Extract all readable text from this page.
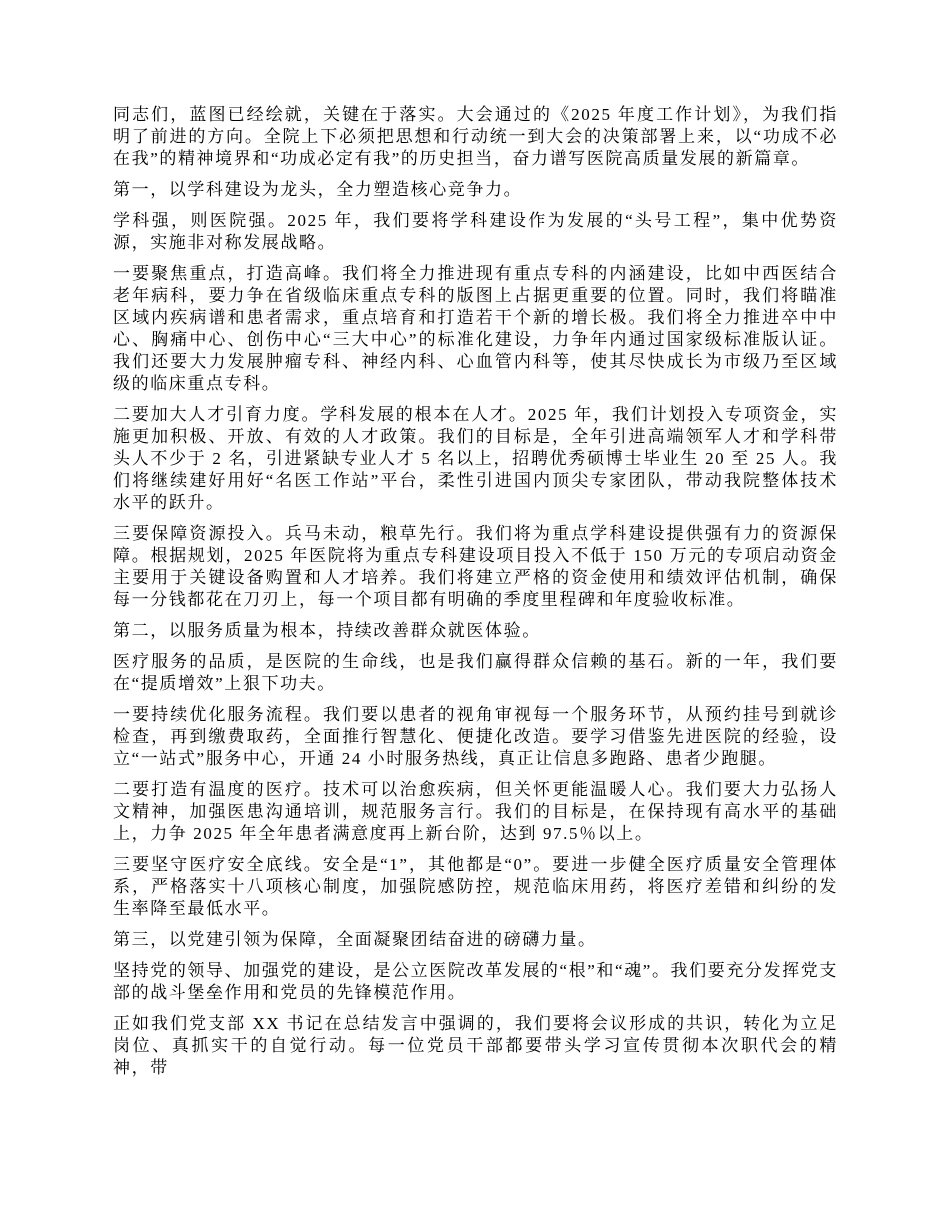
同志们，蓝图已经绘就，关键在于落实。大会通过的《2025 年度工作计划》，为我们指明了前进的方向。全院上下必须把思想和行动统一到大会的决策部署上来，以“功成不必在我”的精神境界和“功成必定有我”的历史担当，奋力谱写医院高质量发展的新篇章。

第一，以学科建设为龙头，全力塑造核心竞争力。

学科强，则医院强。2025 年，我们要将学科建设作为发展的“头号工程”，集中优势资源，实施非对称发展战略。

一要聚焦重点，打造高峰。我们将全力推进现有重点专科的内涵建设，比如中西医结合老年病科，要力争在省级临床重点专科的版图上占据更重要的位置。同时，我们将瞄准区域内疾病谱和患者需求，重点培育和打造若干个新的增长极。我们将全力推进卒中中心、胸痛中心、创伤中心“三大中心”的标准化建设，力争年内通过国家级标准版认证。我们还要大力发展肿瘤专科、神经内科、心血管内科等，使其尽快成长为市级乃至区域级的临床重点专科。

二要加大人才引育力度。学科发展的根本在人才。2025 年，我们计划投入专项资金，实施更加积极、开放、有效的人才政策。我们的目标是，全年引进高端领军人才和学科带头人不少于 2 名，引进紧缺专业人才 5 名以上，招聘优秀硕博士毕业生 20 至 25 人。我们将继续建好用好“名医工作站”平台，柔性引进国内顶尖专家团队，带动我院整体技术水平的跃升。

三要保障资源投入。兵马未动，粮草先行。我们将为重点学科建设提供强有力的资源保障。根据规划，2025 年医院将为重点专科建设项目投入不低于 150 万元的专项启动资金主要用于关键设备购置和人才培养。我们将建立严格的资金使用和绩效评估机制，确保每一分钱都花在刀刃上，每一个项目都有明确的季度里程碑和年度验收标准。

第二，以服务质量为根本，持续改善群众就医体验。

医疗服务的品质，是医院的生命线，也是我们赢得群众信赖的基石。新的一年，我们要在“提质增效”上狠下功夫。

一要持续优化服务流程。我们要以患者的视角审视每一个服务环节，从预约挂号到就诊检查，再到缴费取药，全面推行智慧化、便捷化改造。要学习借鉴先进医院的经验，设立“一站式”服务中心，开通 24 小时服务热线，真正让信息多跑路、患者少跑腿。

二要打造有温度的医疗。技术可以治愈疾病，但关怀更能温暖人心。我们要大力弘扬人文精神，加强医患沟通培训，规范服务言行。我们的目标是，在保持现有高水平的基础上，力争 2025 年全年患者满意度再上新台阶，达到 97.5％以上。

三要坚守医疗安全底线。安全是“1”，其他都是“0”。要进一步健全医疗质量安全管理体系，严格落实十八项核心制度，加强院感防控，规范临床用药，将医疗差错和纠纷的发生率降至最低水平。

第三，以党建引领为保障，全面凝聚团结奋进的磅礴力量。

坚持党的领导、加强党的建设，是公立医院改革发展的“根”和“魂”。我们要充分发挥党支部的战斗堡垒作用和党员的先锋模范作用。

正如我们党支部 XX 书记在总结发言中强调的，我们要将会议形成的共识，转化为立足岗位、真抓实干的自觉行动。每一位党员干部都要带头学习宣传贯彻本次职代会的精神，带
